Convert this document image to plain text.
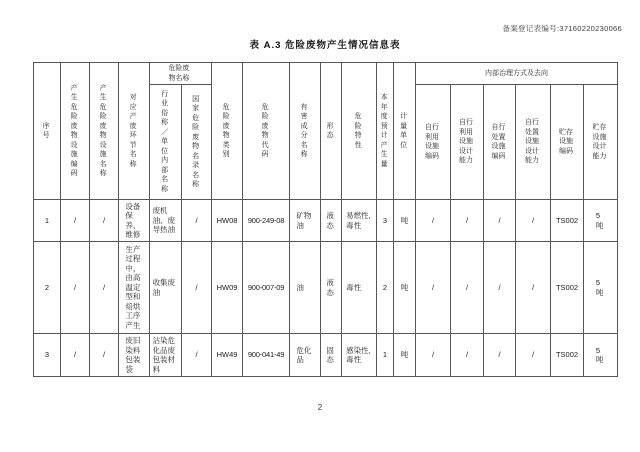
备案登记表编号:37160220230066
表 A.3 危险废物产生情况信息表
序号	产生危险废物设施编码	产生危险废物设施名称	对应产废环节名称	危险废物名称		危险废物类别	危险废物代码	有害成分名称	形态	危险特性	本年度预计产生量	计量单位	内部治理方式及去向					
				行业俗称／单位内部名称	国家危险废物名录名称								自行利用设施编码	自行利用设施设计能力	自行处置设施编码	自行处置设施设计能力	贮存设施编码	贮存设施设计能力
1	/	/	设备保养、维修	废机油、废导热油	/	HW08	900-249-08	矿物油	液态	易燃性,毒性	3	吨	/	/	/	/	TS002	5吨
2	/	/	生产过程中，由高温定型和焙烘工序产生	收集废油	/	HW09	900-007-09	油	液态	毒性	2	吨	/	/	/	/	TS002	5吨
3	/	/	废旧染料包装袋	沾染危化品废包装材料	/	HW49	900-041-49	危化品	固态	感染性,毒性	1	吨	/	/	/	/	TS002	5吨
2
